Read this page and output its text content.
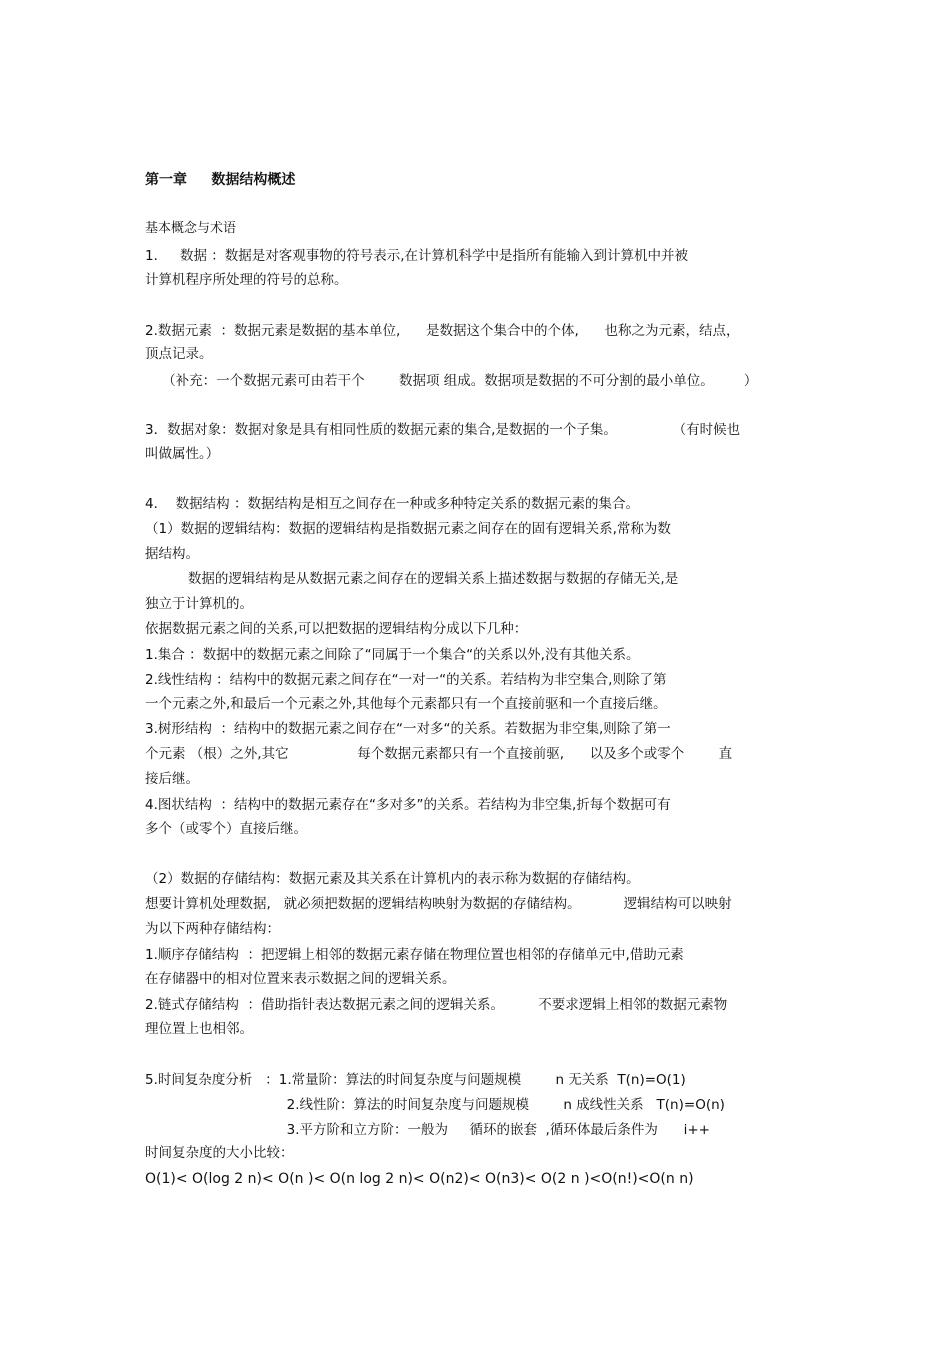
第一章     数据结构概述
基本概念与术语
1．   数据 ：数据是对客观事物的符号表示,在计算机科学中是指所有能输入到计算机中并被
计算机程序所处理的符号的总称。
2.数据元素  ：数据元素是数据的基本单位,      是数据这个集合中的个体,      也称之为元素，结点，
顶点记录。
（补充：一个数据元素可由若干个        数据项 组成。数据项是数据的不可分割的最小单位。       ）
3．数据对象：数据对象是具有相同性质的数据元素的集合,是数据的一个子集。             （有时候也
叫做属性。）
4．  数据结构 ：数据结构是相互之间存在一种或多种特定关系的数据元素的集合。
（1）数据的逻辑结构：数据的逻辑结构是指数据元素之间存在的固有逻辑关系,常称为数
据结构。
数据的逻辑结构是从数据元素之间存在的逻辑关系上描述数据与数据的存储无关,是
独立于计算机的。
依据数据元素之间的关系,可以把数据的逻辑结构分成以下几种：
1.集合 ：数据中的数据元素之间除了“同属于一个集合“的关系以外,没有其他关系。
2.线性结构 ：结构中的数据元素之间存在“一对一“的关系。若结构为非空集合,则除了第
一个元素之外,和最后一个元素之外,其他每个元素都只有一个直接前驱和一个直接后继。
3.树形结构  ：结构中的数据元素之间存在“一对多“的关系。若数据为非空集,则除了第一
个元素 （根）之外,其它                每个数据元素都只有一个直接前驱,      以及多个或零个        直
接后继。
4.图状结构  ：结构中的数据元素存在“多对多”的关系。若结构为非空集,折每个数据可有
多个（或零个）直接后继。
（2）数据的存储结构：数据元素及其关系在计算机内的表示称为数据的存储结构。
想要计算机处理数据,   就必须把数据的逻辑结构映射为数据的存储结构。          逻辑结构可以映射
为以下两种存储结构：
1.顺序存储结构  ：把逻辑上相邻的数据元素存储在物理位置也相邻的存储单元中,借助元素
在存储器中的相对位置来表示数据之间的逻辑关系。
2.链式存储结构  ：借助指针表达数据元素之间的逻辑关系。        不要求逻辑上相邻的数据元素物
理位置上也相邻。
5.时间复杂度分析   ：1.常量阶：算法的时间复杂度与问题规模        n 无关系  T(n)=O(1)
2.线性阶：算法的时间复杂度与问题规模        n 成线性关系   T(n)=O(n)
3.平方阶和立方阶：一般为     循环的嵌套  ,循环体最后条件为      i++
时间复杂度的大小比较：
O(1)< O(log 2 n)< O(n )< O(n log 2 n)< O(n2)< O(n3)< O(2 n )<O(n!)<O(n n)
